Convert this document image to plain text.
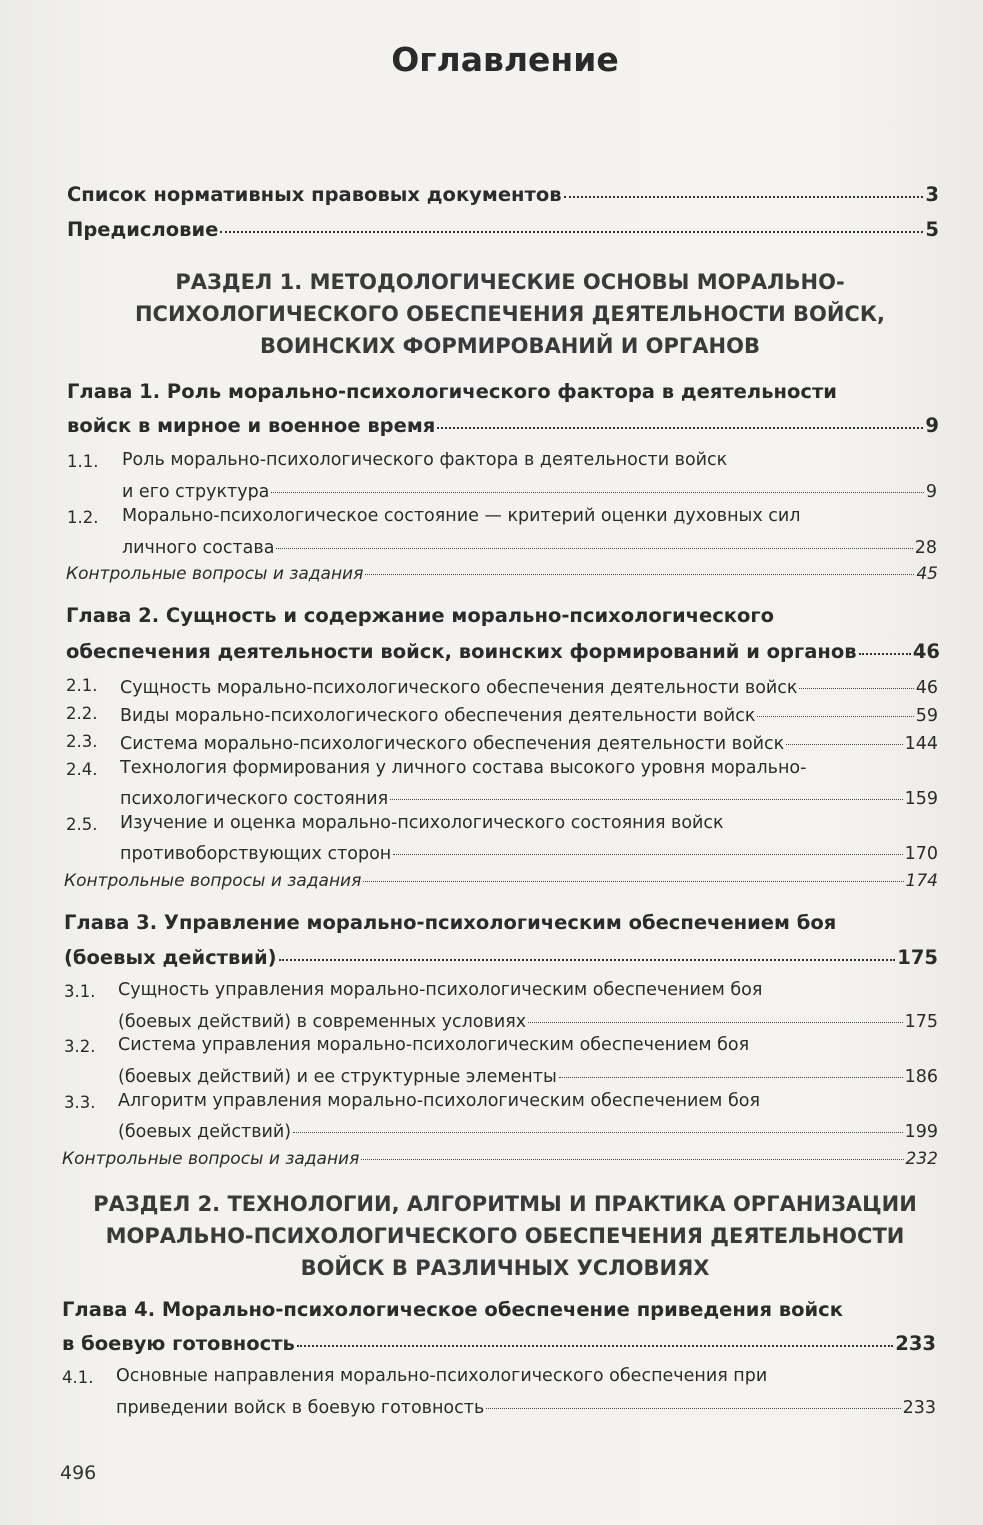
Оглавление
Список нормативных правовых документов	3
Предисловие	5
РАЗДЕЛ 1. МЕТОДОЛОГИЧЕСКИЕ ОСНОВЫ МОРАЛЬНО-
ПСИХОЛОГИЧЕСКОГО ОБЕСПЕЧЕНИЯ ДЕЯТЕЛЬНОСТИ ВОЙСК,
ВОИНСКИХ ФОРМИРОВАНИЙ И ОРГАНОВ
Глава 1. Роль морально-психологического фактора в деятельности
войск в мирное и военное время	9
1.1. Роль морально-психологического фактора в деятельности войск
и его структура	9
1.2. Морально-психологическое состояние — критерий оценки духовных сил
личного состава	28
Контрольные вопросы и задания	45
Глава 2. Сущность и содержание морально-психологического
обеспечения деятельности войск, воинских формирований и органов	46
2.1. Сущность морально-психологического обеспечения деятельности войск	46
2.2. Виды морально-психологического обеспечения деятельности войск	59
2.3. Система морально-психологического обеспечения деятельности войск	144
2.4. Технология формирования у личного состава высокого уровня морально-
психологического состояния	159
2.5. Изучение и оценка морально-психологического состояния войск
противоборствующих сторон	170
Контрольные вопросы и задания	174
Глава 3. Управление морально-психологическим обеспечением боя
(боевых действий)	175
3.1. Сущность управления морально-психологическим обеспечением боя
(боевых действий) в современных условиях	175
3.2. Система управления морально-психологическим обеспечением боя
(боевых действий) и ее структурные элементы	186
3.3. Алгоритм управления морально-психологическим обеспечением боя
(боевых действий)	199
Контрольные вопросы и задания	232
РАЗДЕЛ 2. ТЕХНОЛОГИИ, АЛГОРИТМЫ И ПРАКТИКА ОРГАНИЗАЦИИ
МОРАЛЬНО-ПСИХОЛОГИЧЕСКОГО ОБЕСПЕЧЕНИЯ ДЕЯТЕЛЬНОСТИ
ВОЙСК В РАЗЛИЧНЫХ УСЛОВИЯХ
Глава 4. Морально-психологическое обеспечение приведения войск
в боевую готовность	233
4.1. Основные направления морально-психологического обеспечения при
приведении войск в боевую готовность	233
496
